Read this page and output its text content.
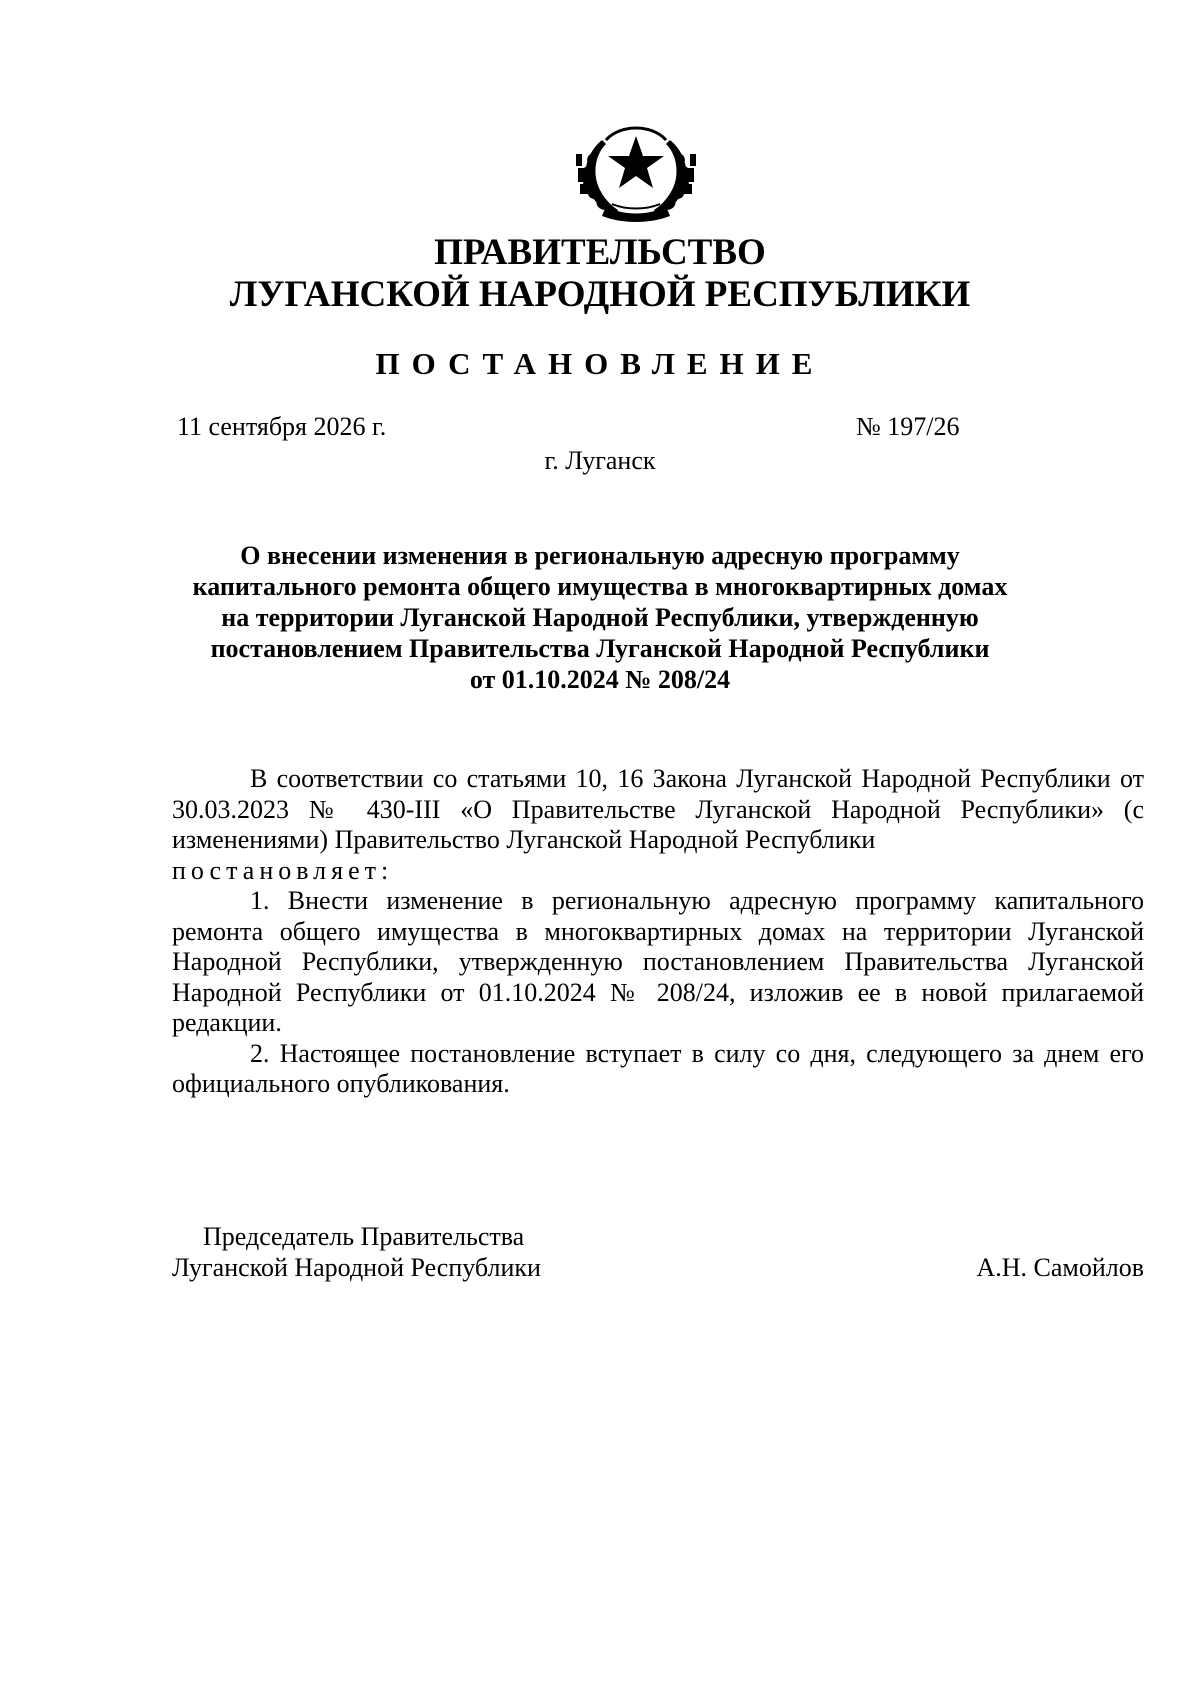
ПРАВИТЕЛЬСТВО
ЛУГАНСКОЙ НАРОДНОЙ РЕСПУБЛИКИ
ПОСТАНОВЛЕНИЕ
11 сентября 2026 г.	№ 197/26
г. Луганск
О внесении изменения в региональную адресную программу
капитального ремонта общего имущества в многоквартирных домах
на территории Луганской Народной Республики, утвержденную
постановлением Правительства Луганской Народной Республики
от 01.10.2024 № 208/24

В соответствии со статьями 10, 16 Закона Луганской Народной Республики от 30.03.2023 № 430-III «О Правительстве Луганской Народной Республики» (с изменениями) Правительство Луганской Народной Республики

постановляет:

1. Внести изменение в региональную адресную программу капитального ремонта общего имущества в многоквартирных домах на территории Луганской Народной Республики, утвержденную постановлением Правительства Луганской Народной Республики от 01.10.2024 № 208/24, изложив ее в новой прилагаемой редакции.

2. Настоящее постановление вступает в силу со дня, следующего за днем его официального опубликования.

Председатель Правительства
Луганской Народной Республики	А.Н. Самойлов
